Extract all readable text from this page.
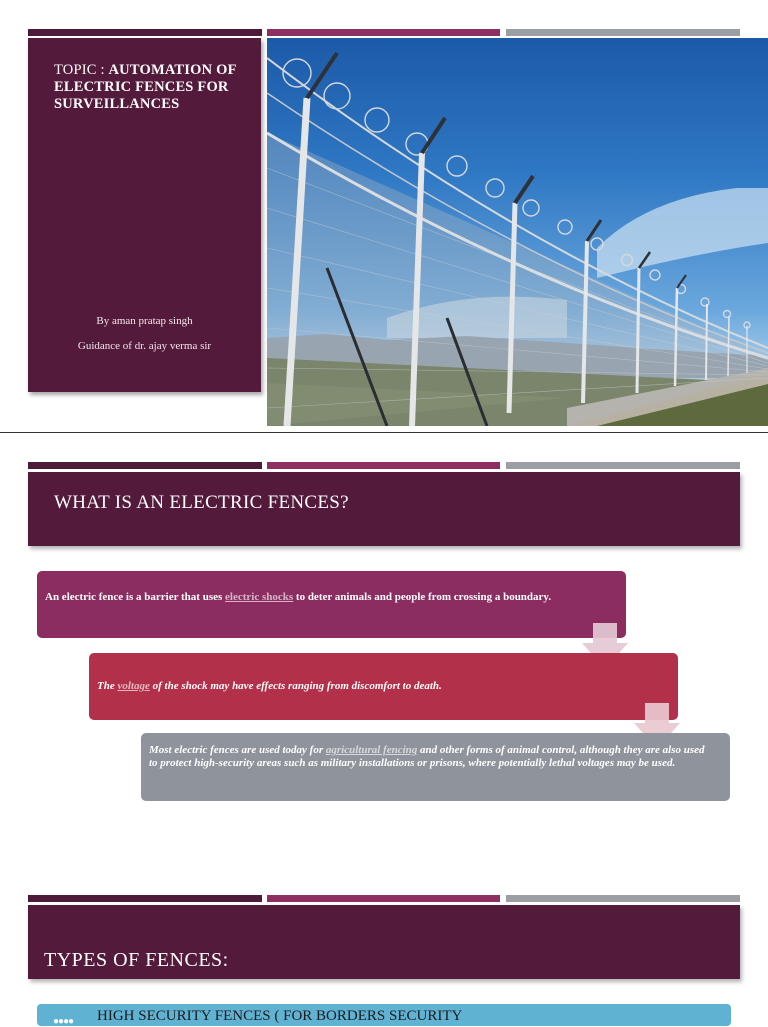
TOPIC : AUTOMATION OF ELECTRIC FENCES FOR SURVEILLANCES
By aman pratap singh
Guidance of dr. ajay verma sir
WHAT IS AN ELECTRIC FENCES?
An electric fence is a barrier that uses electric shocks to deter animals and people from crossing a boundary.
The voltage of the shock may have effects ranging from discomfort to death.
Most electric fences are used today for agricultural fencing and other forms of animal control, although they are also used to protect high-security areas such as military installations or prisons, where potentially lethal voltages may be used.
TYPES OF FENCES:
●●●● HIGH SECURITY FENCES ( FOR BORDERS SECURITY
